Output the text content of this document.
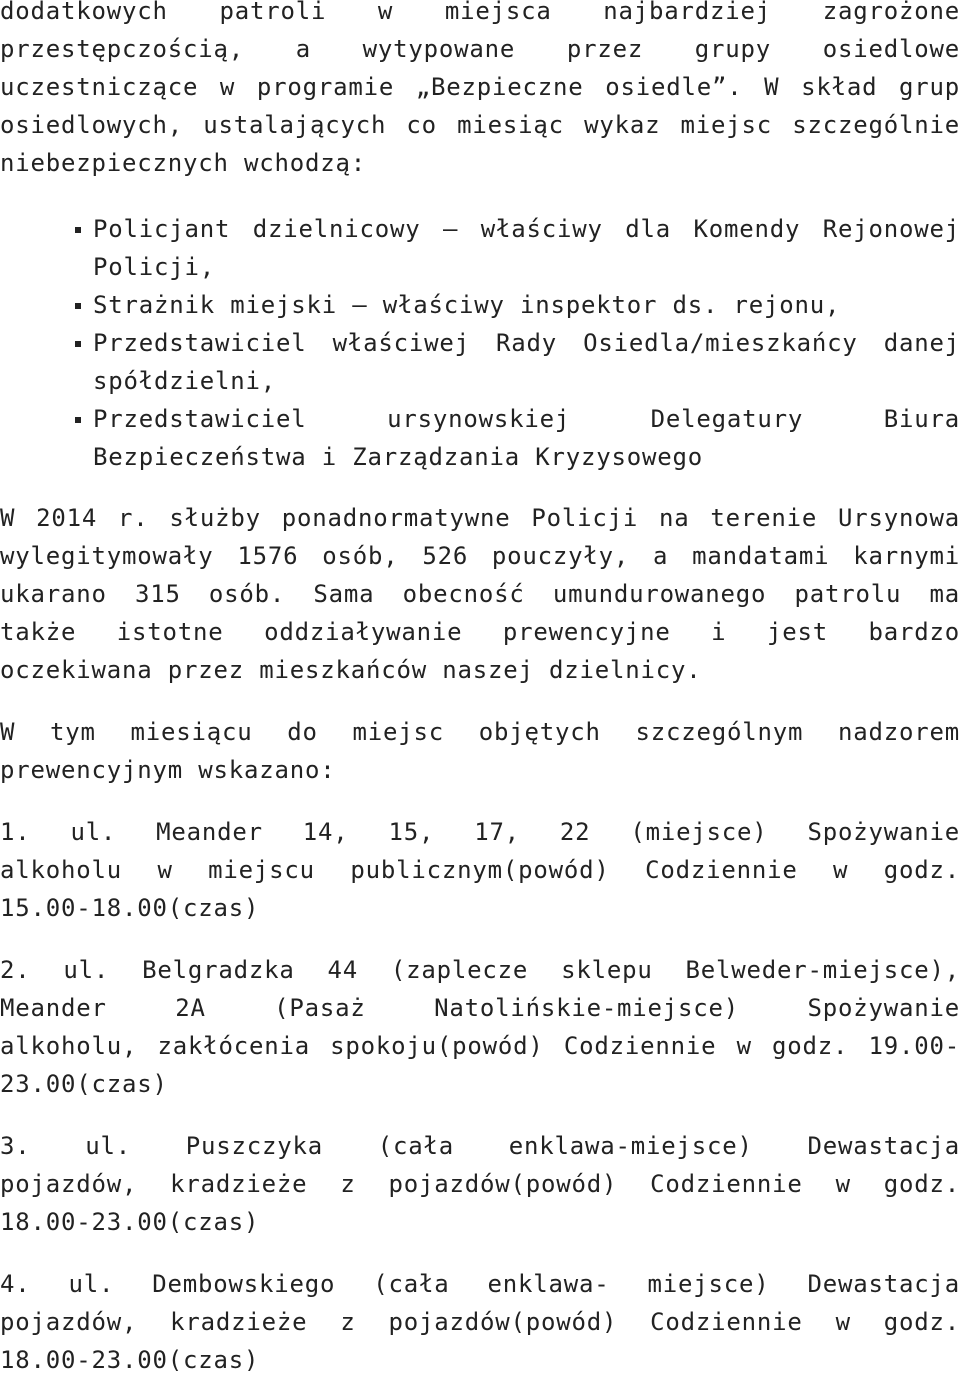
dodatkowych patroli w miejsca najbardziej zagrożone
przestępczością, a wytypowane przez grupy osiedlowe
uczestniczące w programie „Bezpieczne osiedle”. W skład grup
osiedlowych, ustalających co miesiąc wykaz miejsc szczególnie
niebezpiecznych wchodzą:
Policjant dzielnicowy – właściwy dla Komendy Rejonowej
Policji,
Strażnik miejski – właściwy inspektor ds. rejonu,
Przedstawiciel właściwej Rady Osiedla/mieszkańcy danej
spółdzielni,
Przedstawiciel ursynowskiej Delegatury Biura
Bezpieczeństwa i Zarządzania Kryzysowego
W 2014 r. służby ponadnormatywne Policji na terenie Ursynowa
wylegitymowały 1576 osób, 526 pouczyły, a mandatami karnymi
ukarano 315 osób. Sama obecność umundurowanego patrolu ma
także istotne oddziaływanie prewencyjne i jest bardzo
oczekiwana przez mieszkańców naszej dzielnicy.
W tym miesiącu do miejsc objętych szczególnym nadzorem
prewencyjnym wskazano:
1. ul. Meander 14, 15, 17, 22 (miejsce) Spożywanie
alkoholu w miejscu publicznym(powód) Codziennie w godz.
15.00-18.00(czas)
2. ul. Belgradzka 44 (zaplecze sklepu Belweder-miejsce),
Meander 2A (Pasaż Natolińskie-miejsce) Spożywanie
alkoholu, zakłócenia spokoju(powód) Codziennie w godz. 19.00-
23.00(czas)
3. ul. Puszczyka (cała enklawa-miejsce) Dewastacja
pojazdów, kradzieże z pojazdów(powód) Codziennie w godz.
18.00-23.00(czas)
4. ul. Dembowskiego (cała enklawa- miejsce) Dewastacja
pojazdów, kradzieże z pojazdów(powód) Codziennie w godz.
18.00-23.00(czas)
